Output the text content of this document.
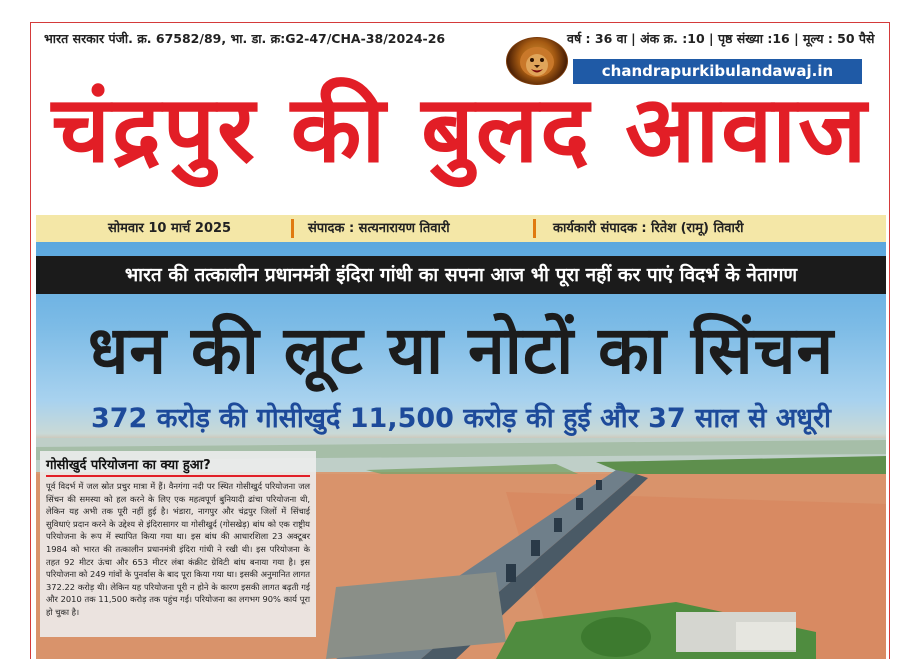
भारत सरकार पंजी. क्र. 67582/89, भा. डा. क्र:G2-47/CHA-38/2024-26	वर्ष : 36 वा | अंक क्र. :10 | पृष्ठ संख्या :16 | मूल्य : 50 पैसे
chandrapurkibulandawaj.in
चंद्रपुर की बुलद आवाज
सोमवार 10 मार्च 2025	संपादक : सत्यनारायण तिवारी	कार्यकारी संपादक : रितेश (रामू) तिवारी
भारत की तत्कालीन प्रधानमंत्री इंदिरा गांधी का सपना आज भी पूरा नहीं कर पाएं विदर्भ के नेतागण
धन की लूट या नोटों का सिंचन
372 करोड़ की गोसीखुर्द 11,500 करोड़ की हुई और 37 साल से अधूरी
गोसीखुर्द परियोजना का क्या हुआ?
पूर्व विदर्भ में जल स्रोत प्रचुर मात्रा में हैं। वैनगंगा नदी पर स्थित गोसीखुर्द परियोजना जल सिंचन की समस्या को हल करने के लिए एक महत्वपूर्ण बुनियादी ढांचा परियोजना थी, लेकिन यह अभी तक पूरी नहीं हुई है। भंडारा, नागपुर और चंद्रपुर जिलों में सिंचाई सुविधाएं प्रदान करने के उद्देश्य से इंदिरासागर या गोसीखुर्द (गोसखेड़) बांध को एक राष्ट्रीय परियोजना के रूप में स्थापित किया गया था। इस बांध की आधारशिला 23 अक्टूबर 1984 को भारत की तत्कालीन प्रधानमंत्री इंदिरा गांधी ने रखी थी। इस परियोजना के तहत 92 मीटर ऊंचा और 653 मीटर लंबा कंक्रीट ग्रेविटी बांध बनाया गया है। इस परियोजना को 249 गांवों के पुनर्वास के बाद पूरा किया गया था। इसकी अनुमानित लागत 372.22 करोड़ थी। लेकिन यह परियोजना पूरी न होने के कारण इसकी लागत बढ़ती गई और 2010 तक 11,500 करोड़ तक पहुंच गई। परियोजना का लगभग 90% कार्य पूरा हो चुका है।
